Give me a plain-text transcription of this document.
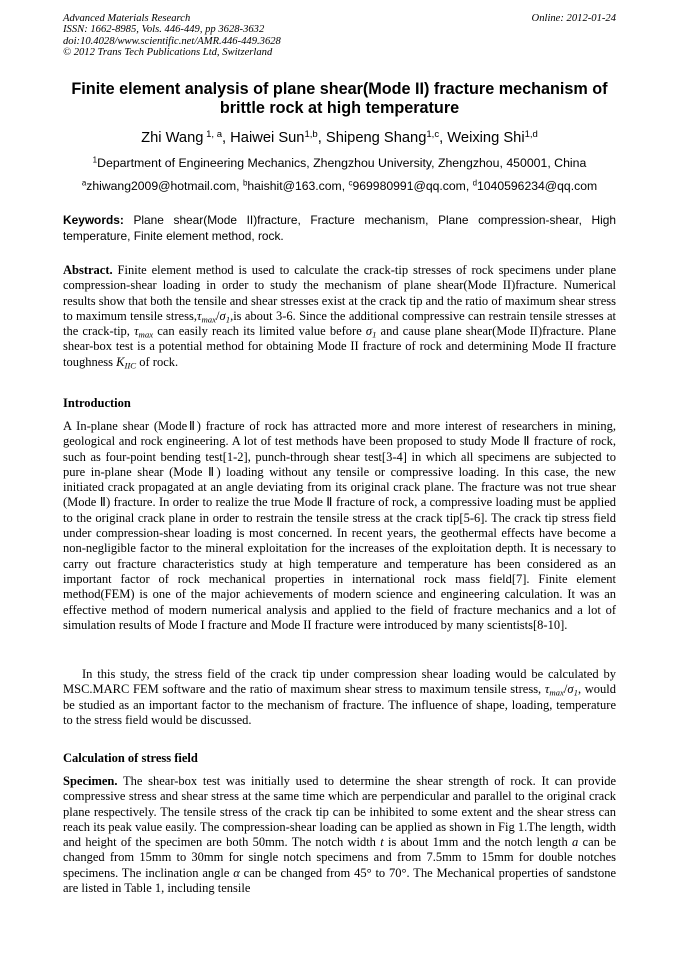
Advanced Materials Research
ISSN: 1662-8985, Vols. 446-449, pp 3628-3632
doi:10.4028/www.scientific.net/AMR.446-449.3628
© 2012 Trans Tech Publications Ltd, Switzerland
Online: 2012-01-24
Finite element analysis of plane shear(Mode II) fracture mechanism of brittle rock at high temperature
Zhi Wang $^{1, a}$, Haiwei Sun$^{1,b}$, Shipeng Shang$^{1,c}$, Weixing Shi$^{1,d}$
$^1$Department of Engineering Mechanics, Zhengzhou University, Zhengzhou, 450001, China
$^a$zhiwang2009@hotmail.com, $^b$haishit@163.com, $^c$969980991@qq.com, $^d$1040596234@qq.com
Keywords: Plane shear(Mode II)fracture, Fracture mechanism, Plane compression-shear, High temperature, Finite element method, rock.
Abstract. Finite element method is used to calculate the crack-tip stresses of rock specimens under plane compression-shear loading in order to study the mechanism of plane shear(Mode II)fracture. Numerical results show that both the tensile and shear stresses exist at the crack tip and the ratio of maximum shear stress to maximum tensile $stress,\tau_{max}/\sigma_1,is$ about 3-6. Since the additional compressive can restrain tensile stresses at the crack-tip, $\tau_{max}$ can easily reach its limited value before $\sigma_1$ and cause plane shear(Mode II)fracture. Plane shear-box test is a potential method for obtaining Mode II fracture of rock and determining Mode II fracture toughness $K_{IIC}$ of rock.
Introduction
A In-plane shear (ModeⅡ) fracture of rock has attracted more and more interest of researchers in mining, geological and rock engineering. A lot of test methods have been proposed to study Mode Ⅱ fracture of rock, such as four-point bending test[1-2], punch-through shear test[3-4] in which all specimens are subjected to pure in-plane shear (Mode Ⅱ) loading without any tensile or compressive loading. In this case, the new initiated crack propagated at an angle deviating from its original crack plane. The fracture was not true shear (Mode Ⅱ) fracture. In order to realize the true Mode Ⅱ fracture of rock, a compressive loading must be applied to the original crack plane in order to restrain the tensile stress at the crack tip[5-6]. The crack tip stress field under compression-shear loading is most concerned. In recent years, the geothermal effects have become a non-negligible factor to the mineral exploitation for the increases of the exploitation depth. It is necessary to carry out fracture characteristics study at high temperature and temperature has been considered as an important factor of rock mechanical properties in international rock mass field[7]. Finite element method(FEM) is one of the major achievements of modern science and engineering calculation. It was an effective method of modern numerical analysis and applied to the field of fracture mechanics and a lot of simulation results of Mode I fracture and Mode II fracture were introduced by many scientists[8-10].
In this study, the stress field of the crack tip under compression shear loading would be calculated by MSC.MARC FEM software and the ratio of maximum shear stress to maximum tensile stress, $\tau_{max}/\sigma_1$, would be studied as an important factor to the mechanism of fracture. The influence of shape, loading, temperature to the stress field would be discussed.
Calculation of stress field
Specimen. The shear-box test was initially used to determine the shear strength of rock. It can provide compressive stress and shear stress at the same time which are perpendicular and parallel to the original crack plane respectively. The tensile stress of the crack tip can be inhibited to some extent and the shear stress can reach its peak value easily. The compression-shear loading can be applied as shown in Fig 1.The length, width and height of the specimen are both 50mm. The notch width t is about 1mm and the notch length a can be changed from 15mm to 30mm for single notch specimens and from 7.5mm to 15mm for double notches specimens. The inclination angle α can be changed from 45° to 70°. The Mechanical properties of sandstone are listed in Table 1, including tensile
